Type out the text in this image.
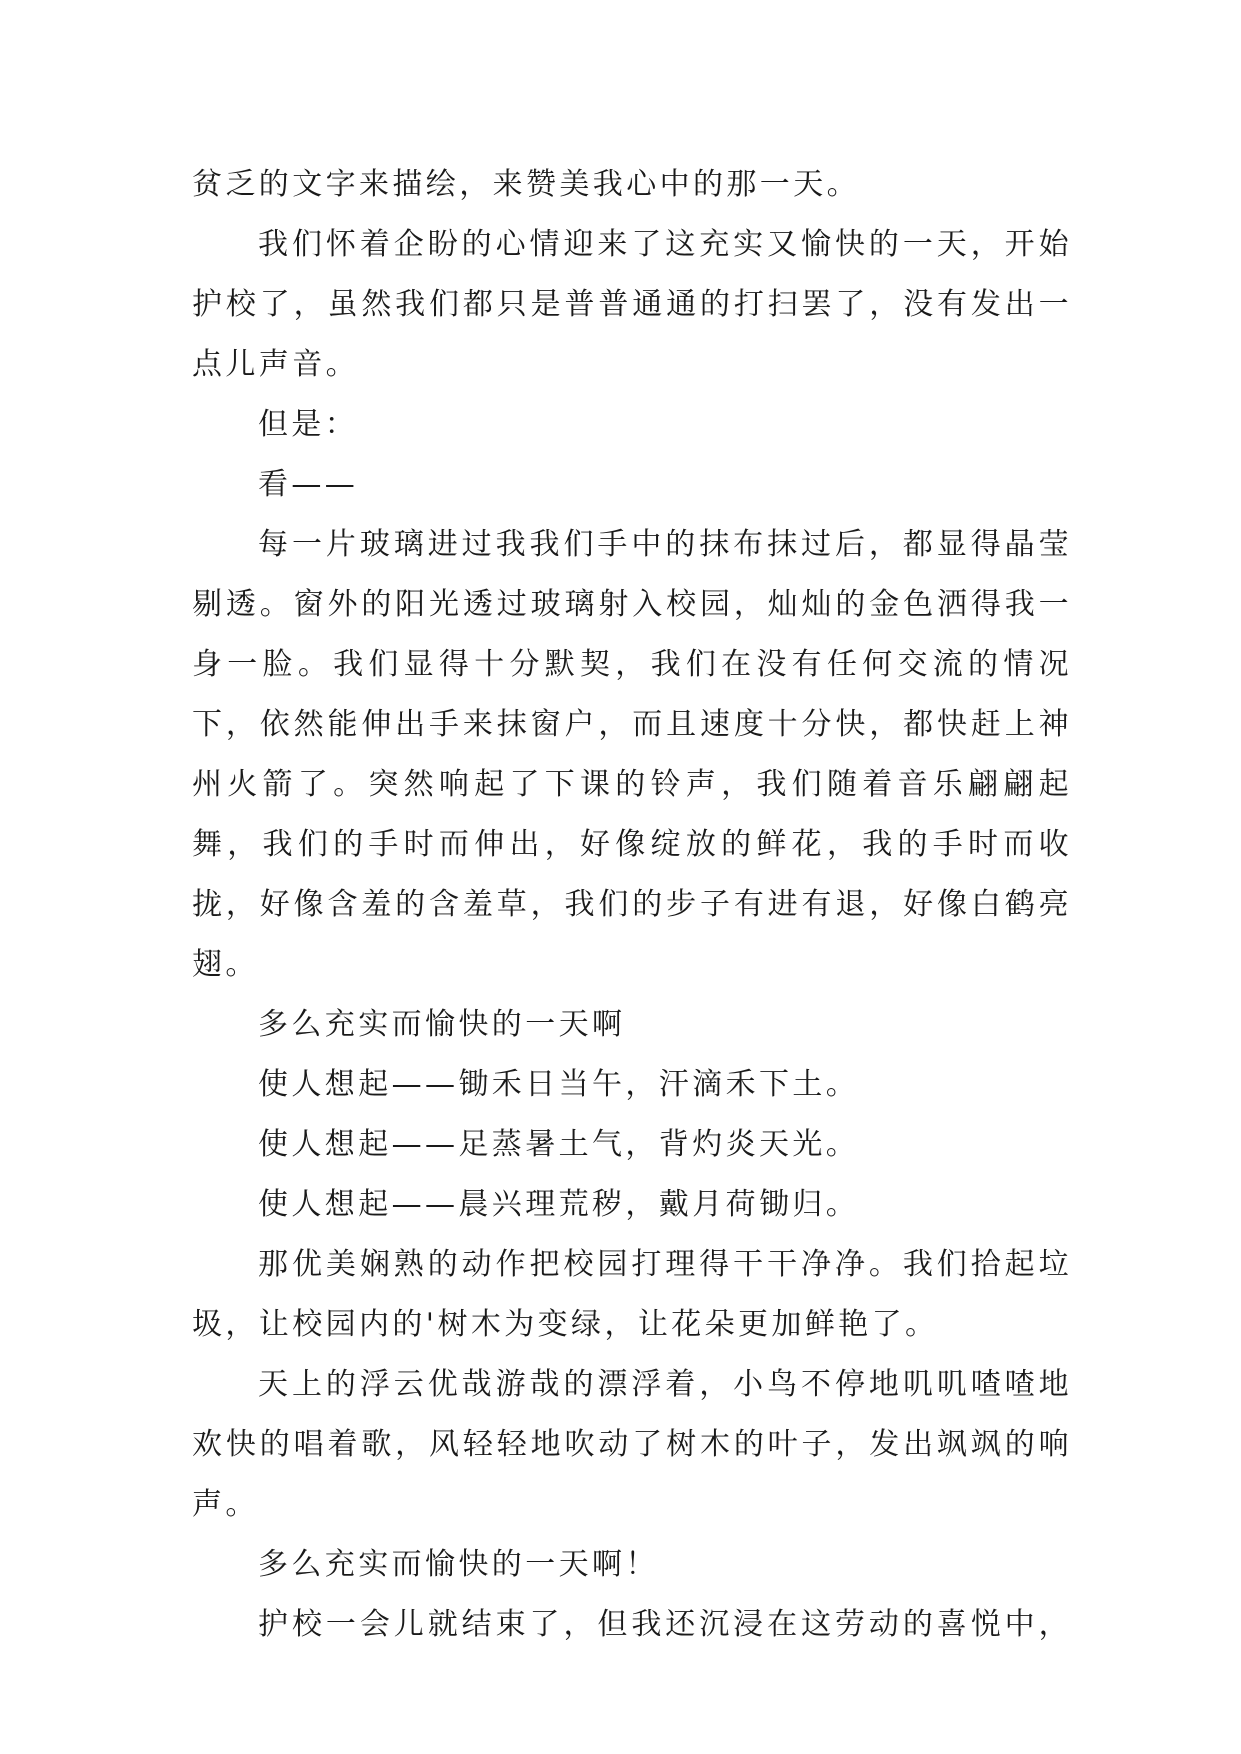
贫乏的文字来描绘，来赞美我心中的那一天。

我们怀着企盼的心情迎来了这充实又愉快的一天，开始护校了，虽然我们都只是普普通通的打扫罢了，没有发出一点儿声音。

但是：

看——

每一片玻璃进过我我们手中的抹布抹过后，都显得晶莹剔透。窗外的阳光透过玻璃射入校园，灿灿的金色洒得我一身一脸。我们显得十分默契，我们在没有任何交流的情况下，依然能伸出手来抹窗户，而且速度十分快，都快赶上神州火箭了。突然响起了下课的铃声，我们随着音乐翩翩起舞，我们的手时而伸出，好像绽放的鲜花，我的手时而收拢，好像含羞的含羞草，我们的步子有进有退，好像白鹤亮翅。

多么充实而愉快的一天啊

使人想起——锄禾日当午，汗滴禾下土。

使人想起——足蒸暑土气，背灼炎天光。

使人想起——晨兴理荒秽，戴月荷锄归。

那优美娴熟的动作把校园打理得干干净净。我们拾起垃圾，让校园内的'树木为变绿，让花朵更加鲜艳了。

天上的浮云优哉游哉的漂浮着，小鸟不停地叽叽喳喳地欢快的唱着歌，风轻轻地吹动了树木的叶子，发出飒飒的响声。

多么充实而愉快的一天啊！

护校一会儿就结束了，但我还沉浸在这劳动的喜悦中，
